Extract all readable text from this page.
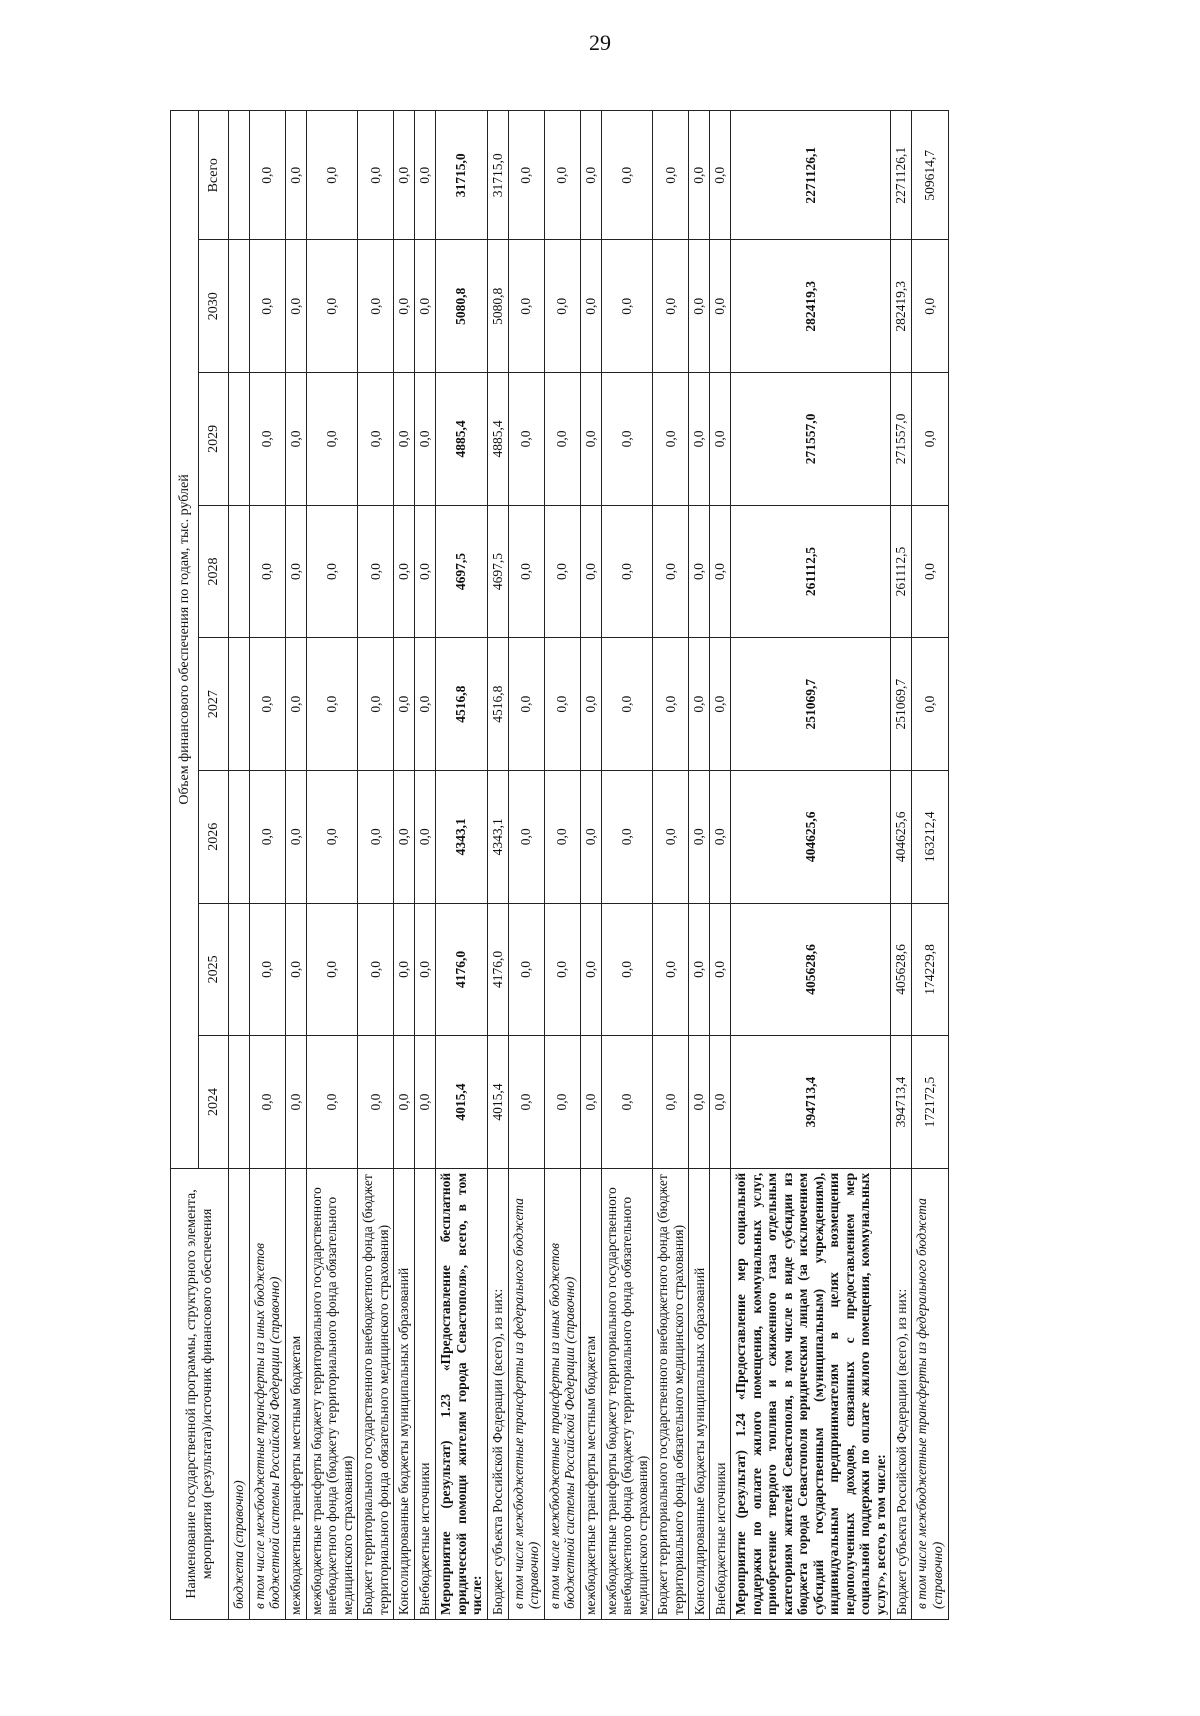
29
Наименование государственной программы, структурного элемента, мероприятия (результата)/источник финансового обеспечения	Объем финансового обеспечения по годам, тыс. рублей							
	2024	2025	2026	2027	2028	2029	2030	Всего
бюджета (справочно)								
в том числе межбюджетные трансферты из иных бюджетов бюджетной системы Российской Федерации (справочно)	0,0	0,0	0,0	0,0	0,0	0,0	0,0	0,0
межбюджетные трансферты местным бюджетам	0,0	0,0	0,0	0,0	0,0	0,0	0,0	0,0
межбюджетные трансферты бюджету территориального государственного внебюджетного фонда (бюджету территориального фонда обязательного медицинского страхования)	0,0	0,0	0,0	0,0	0,0	0,0	0,0	0,0
Бюджет территориального государственного внебюджетного фонда (бюджет территориального фонда обязательного медицинского страхования)	0,0	0,0	0,0	0,0	0,0	0,0	0,0	0,0
Консолидированные бюджеты муниципальных образований	0,0	0,0	0,0	0,0	0,0	0,0	0,0	0,0
Внебюджетные источники	0,0	0,0	0,0	0,0	0,0	0,0	0,0	0,0
Мероприятие (результат) 1.23 «Предоставление бесплатной юридической помощи жителям города Севастополя», всего, в том числе:	4015,4	4176,0	4343,1	4516,8	4697,5	4885,4	5080,8	31715,0
Бюджет субъекта Российской Федерации (всего), из них:	4015,4	4176,0	4343,1	4516,8	4697,5	4885,4	5080,8	31715,0
в том числе межбюджетные трансферты из федерального бюджета (справочно)	0,0	0,0	0,0	0,0	0,0	0,0	0,0	0,0
в том числе межбюджетные трансферты из иных бюджетов бюджетной системы Российской Федерации (справочно)	0,0	0,0	0,0	0,0	0,0	0,0	0,0	0,0
межбюджетные трансферты местным бюджетам	0,0	0,0	0,0	0,0	0,0	0,0	0,0	0,0
межбюджетные трансферты бюджету территориального государственного внебюджетного фонда (бюджету территориального фонда обязательного медицинского страхования)	0,0	0,0	0,0	0,0	0,0	0,0	0,0	0,0
Бюджет территориального государственного внебюджетного фонда (бюджет территориального фонда обязательного медицинского страхования)	0,0	0,0	0,0	0,0	0,0	0,0	0,0	0,0
Консолидированные бюджеты муниципальных образований	0,0	0,0	0,0	0,0	0,0	0,0	0,0	0,0
Внебюджетные источники	0,0	0,0	0,0	0,0	0,0	0,0	0,0	0,0
Мероприятие (результат) 1.24 «Предоставление мер социальной поддержки по оплате жилого помещения, коммунальных услуг, приобретение твердого топлива и сжиженного газа отдельным категориям жителей Севастополя, в том числе в виде субсидии из бюджета города Севастополя юридическим лицам (за исключением субсидий государственным (муниципальным) учреждениям), индивидуальным предпринимателям в целях возмещения недополученных доходов, связанных с предоставлением мер социальной поддержки по оплате жилого помещения, коммунальных услуг», всего, в том числе:	394713,4	405628,6	404625,6	251069,7	261112,5	271557,0	282419,3	2271126,1
Бюджет субъекта Российской Федерации (всего), из них:	394713,4	405628,6	404625,6	251069,7	261112,5	271557,0	282419,3	2271126,1
в том числе межбюджетные трансферты из федерального бюджета (справочно)	172172,5	174229,8	163212,4	0,0	0,0	0,0	0,0	509614,7
